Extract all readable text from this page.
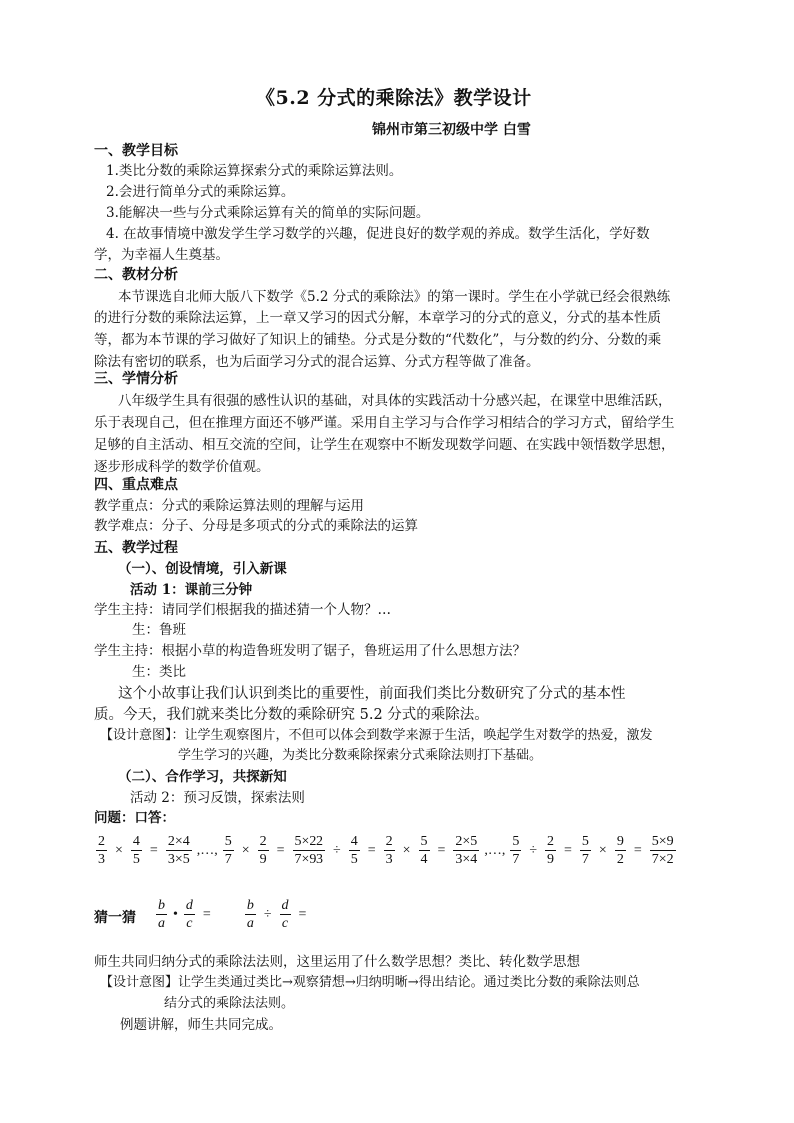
《5.2 分式的乘除法》教学设计
锦州市第三初级中学 白雪
一、教学目标
1.类比分数的乘除运算探索分式的乘除运算法则。
2.会进行简单分式的乘除运算。
3.能解决一些与分式乘除运算有关的简单的实际问题。
4. 在故事情境中激发学生学习数学的兴趣，促进良好的数学观的养成。数学生活化，学好数
学，为幸福人生奠基。
二、教材分析
本节课选自北师大版八下数学《5.2 分式的乘除法》的第一课时。学生在小学就已经会很熟练
的进行分数的乘除法运算，上一章又学习的因式分解，本章学习的分式的意义，分式的基本性质
等，都为本节课的学习做好了知识上的铺垫。分式是分数的“代数化”，与分数的约分、分数的乘
除法有密切的联系，也为后面学习分式的混合运算、分式方程等做了准备。
三、学情分析
八年级学生具有很强的感性认识的基础，对具体的实践活动十分感兴起，在课堂中思维活跃，
乐于表现自己，但在推理方面还不够严谨。采用自主学习与合作学习相结合的学习方式，留给学生
足够的自主活动、相互交流的空间，让学生在观察中不断发现数学问题、在实践中领悟数学思想，
逐步形成科学的数学价值观。
四、重点难点
教学重点：分式的乘除运算法则的理解与运用
教学难点：分子、分母是多项式的分式的乘除法的运算
五、教学过程
（一）、创设情境，引入新课
活动 1：课前三分钟
学生主持：请同学们根据我的描述猜一个人物？…
生：鲁班
学生主持：根据小草的构造鲁班发明了锯子，鲁班运用了什么思想方法？
生：类比
这个小故事让我们认识到类比的重要性，前面我们类比分数研究了分式的基本性
质。今天，我们就来类比分数的乘除研究 5.2 分式的乘除法。
【设计意图】：让学生观察图片，不但可以体会到数学来源于生活，唤起学生对数学的热爱，激发
学生学习的兴趣，为类比分数乘除探索分式乘除法则打下基础。
（二）、合作学习，共探新知
活动 2：预习反馈，探索法则
问题：口答：
$\frac{2}{3} \times \frac{4}{5} = \frac{2\times 4}{3\times 5}$ ,…, $\frac{5}{7} \times \frac{2}{9} = \frac{5\times 2}{7\times 9}$
$\frac{2}{3} \div \frac{4}{5} = \frac{2}{3} \times \frac{5}{4} = \frac{2\times 5}{3\times 4}$ ,…, $\frac{5}{7} \div \frac{2}{9} = \frac{5}{7} \times \frac{9}{2} = \frac{5\times 9}{7\times 2}$
猜一猜 $\frac{b}{a}$ • $\frac{d}{c} = \frac{b}{a} \div \frac{d}{c}$ =
师生共同归纳分式的乘除法法则，这里运用了什么数学思想？类比、转化数学思想
【设计意图】让学生类通过类比→观察猜想→归纳明晰→得出结论。通过类比分数的乘除法则总
结分式的乘除法法则。
例题讲解，师生共同完成。
